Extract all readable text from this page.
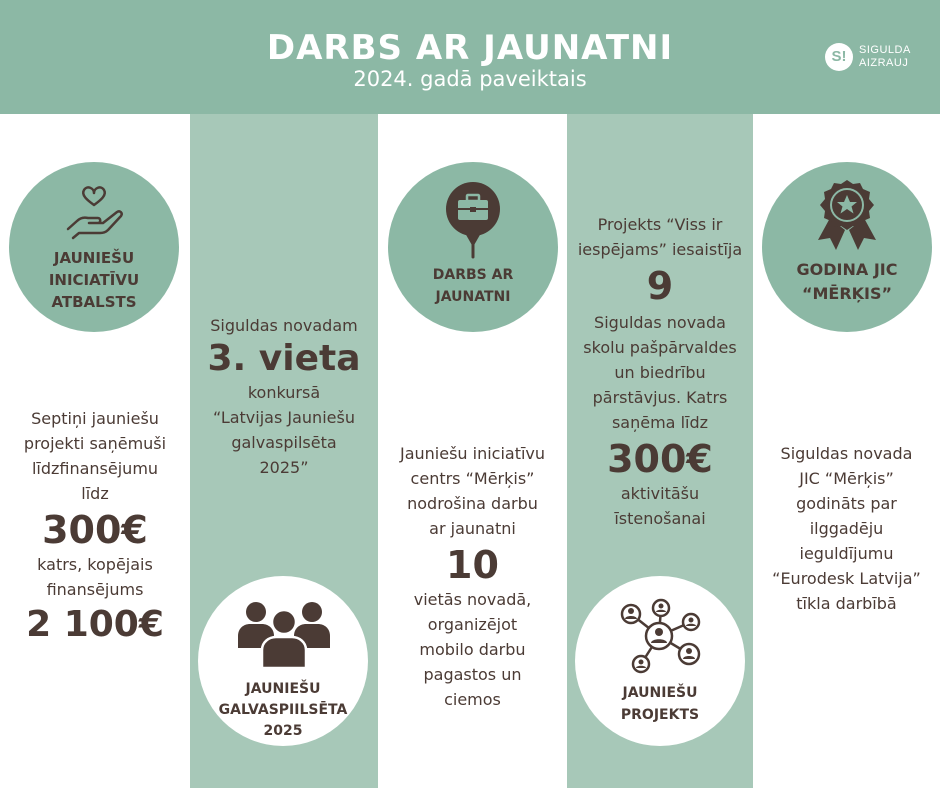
DARBS AR JAUNATNI
2024. gadā paveiktais
S!	SIGULDA
AIZRAUJ
JAUNIEŠU
INICIATĪVU
ATBALSTS
Septiņi jauniešu
projekti saņēmuši
līdzfinansējumu
līdz
300€
katrs, kopējais
finansējums
2 100€
Siguldas novadam
3. vieta
konkursā
“Latvijas Jauniešu
galvaspilsēta
2025”
JAUNIEŠU
GALVASPIILSĒTA
2025
DARBS AR
JAUNATNI
Jauniešu iniciatīvu
centrs “Mērķis”
nodrošina darbu
ar jaunatni
10
vietās novadā,
organizējot
mobilo darbu
pagastos un
ciemos
Projekts “Viss ir
iespējams” iesaistīja
9
Siguldas novada
skolu pašpārvaldes
un biedrību
pārstāvjus. Katrs
saņēma līdz
300€
aktivitāšu
īstenošanai
JAUNIEŠU
PROJEKTS
GODINA JIC
“MĒRĶIS”
Siguldas novada
JIC “Mērķis”
godināts par
ilggadēju
ieguldījumu
“Eurodesk Latvija”
tīkla darbībā
